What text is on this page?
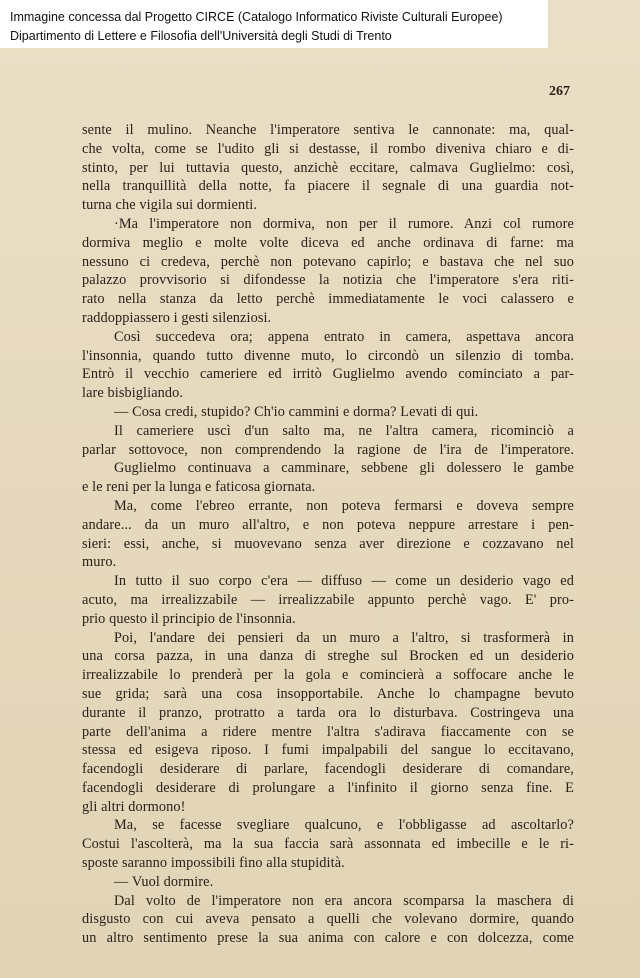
Immagine concessa dal Progetto CIRCE (Catalogo Informatico Riviste Culturali Europee)
Dipartimento di Lettere e Filosofia dell'Università degli Studi di Trento
267
sente il mulino. Neanche l'imperatore sentiva le cannonate: ma, qual-
che volta, come se l'udito gli si destasse, il rombo diveniva chiaro e di-
stinto, per lui tuttavia questo, anzichè eccitare, calmava Guglielmo: così,
nella tranquillità della notte, fa piacere il segnale di una guardia not-
turna che vigila sui dormienti.
·Ma l'imperatore non dormiva, non per il rumore. Anzi col rumore
dormiva meglio e molte volte diceva ed anche ordinava di farne: ma
nessuno ci credeva, perchè non potevano capirlo; e bastava che nel suo
palazzo provvisorio si difondesse la notizia che l'imperatore s'era riti-
rato nella stanza da letto perchè immediatamente le voci calassero e
raddoppiassero i gesti silenziosi.
Così succedeva ora; appena entrato in camera, aspettava ancora
l'insonnia, quando tutto divenne muto, lo circondò un silenzio di tomba.
Entrò il vecchio cameriere ed irritò Guglielmo avendo cominciato a par-
lare bisbigliando.
— Cosa credi, stupido? Ch'io cammini e dorma? Levati di qui.
Il cameriere uscì d'un salto ma, ne l'altra camera, ricominciò a
parlar sottovoce, non comprendendo la ragione de l'ira de l'imperatore.
Guglielmo continuava a camminare, sebbene gli dolessero le gambe
e le reni per la lunga e faticosa giornata.
Ma, come l'ebreo errante, non poteva fermarsi e doveva sempre
andare... da un muro all'altro, e non poteva neppure arrestare i pen-
sieri: essi, anche, si muovevano senza aver direzione e cozzavano nel
muro.
In tutto il suo corpo c'era — diffuso — come un desiderio vago ed
acuto, ma irrealizzabile — irrealizzabile appunto perchè vago. E' pro-
prio questo il principio de l'insonnia.
Poi, l'andare dei pensieri da un muro a l'altro, si trasformerà in
una corsa pazza, in una danza di streghe sul Brocken ed un desiderio
irrealizzabile lo prenderà per la gola e comincierà a soffocare anche le
sue grida; sarà una cosa insopportabile. Anche lo champagne bevuto
durante il pranzo, protratto a tarda ora lo disturbava. Costringeva una
parte dell'anima a ridere mentre l'altra s'adirava fiaccamente con se
stessa ed esigeva riposo. I fumi impalpabili del sangue lo eccitavano,
facendogli desiderare di parlare, facendogli desiderare di comandare,
facendogli desiderare di prolungare a l'infinito il giorno senza fine. E
gli altri dormono!
Ma, se facesse svegliare qualcuno, e l'obbligasse ad ascoltarlo?
Costui l'ascolterà, ma la sua faccia sarà assonnata ed imbecille e le ri-
sposte saranno impossibili fino alla stupidità.
— Vuol dormire.
Dal volto de l'imperatore non era ancora scomparsa la maschera di
disgusto con cui aveva pensato a quelli che volevano dormire, quando
un altro sentimento prese la sua anima con calore e con dolcezza, come
